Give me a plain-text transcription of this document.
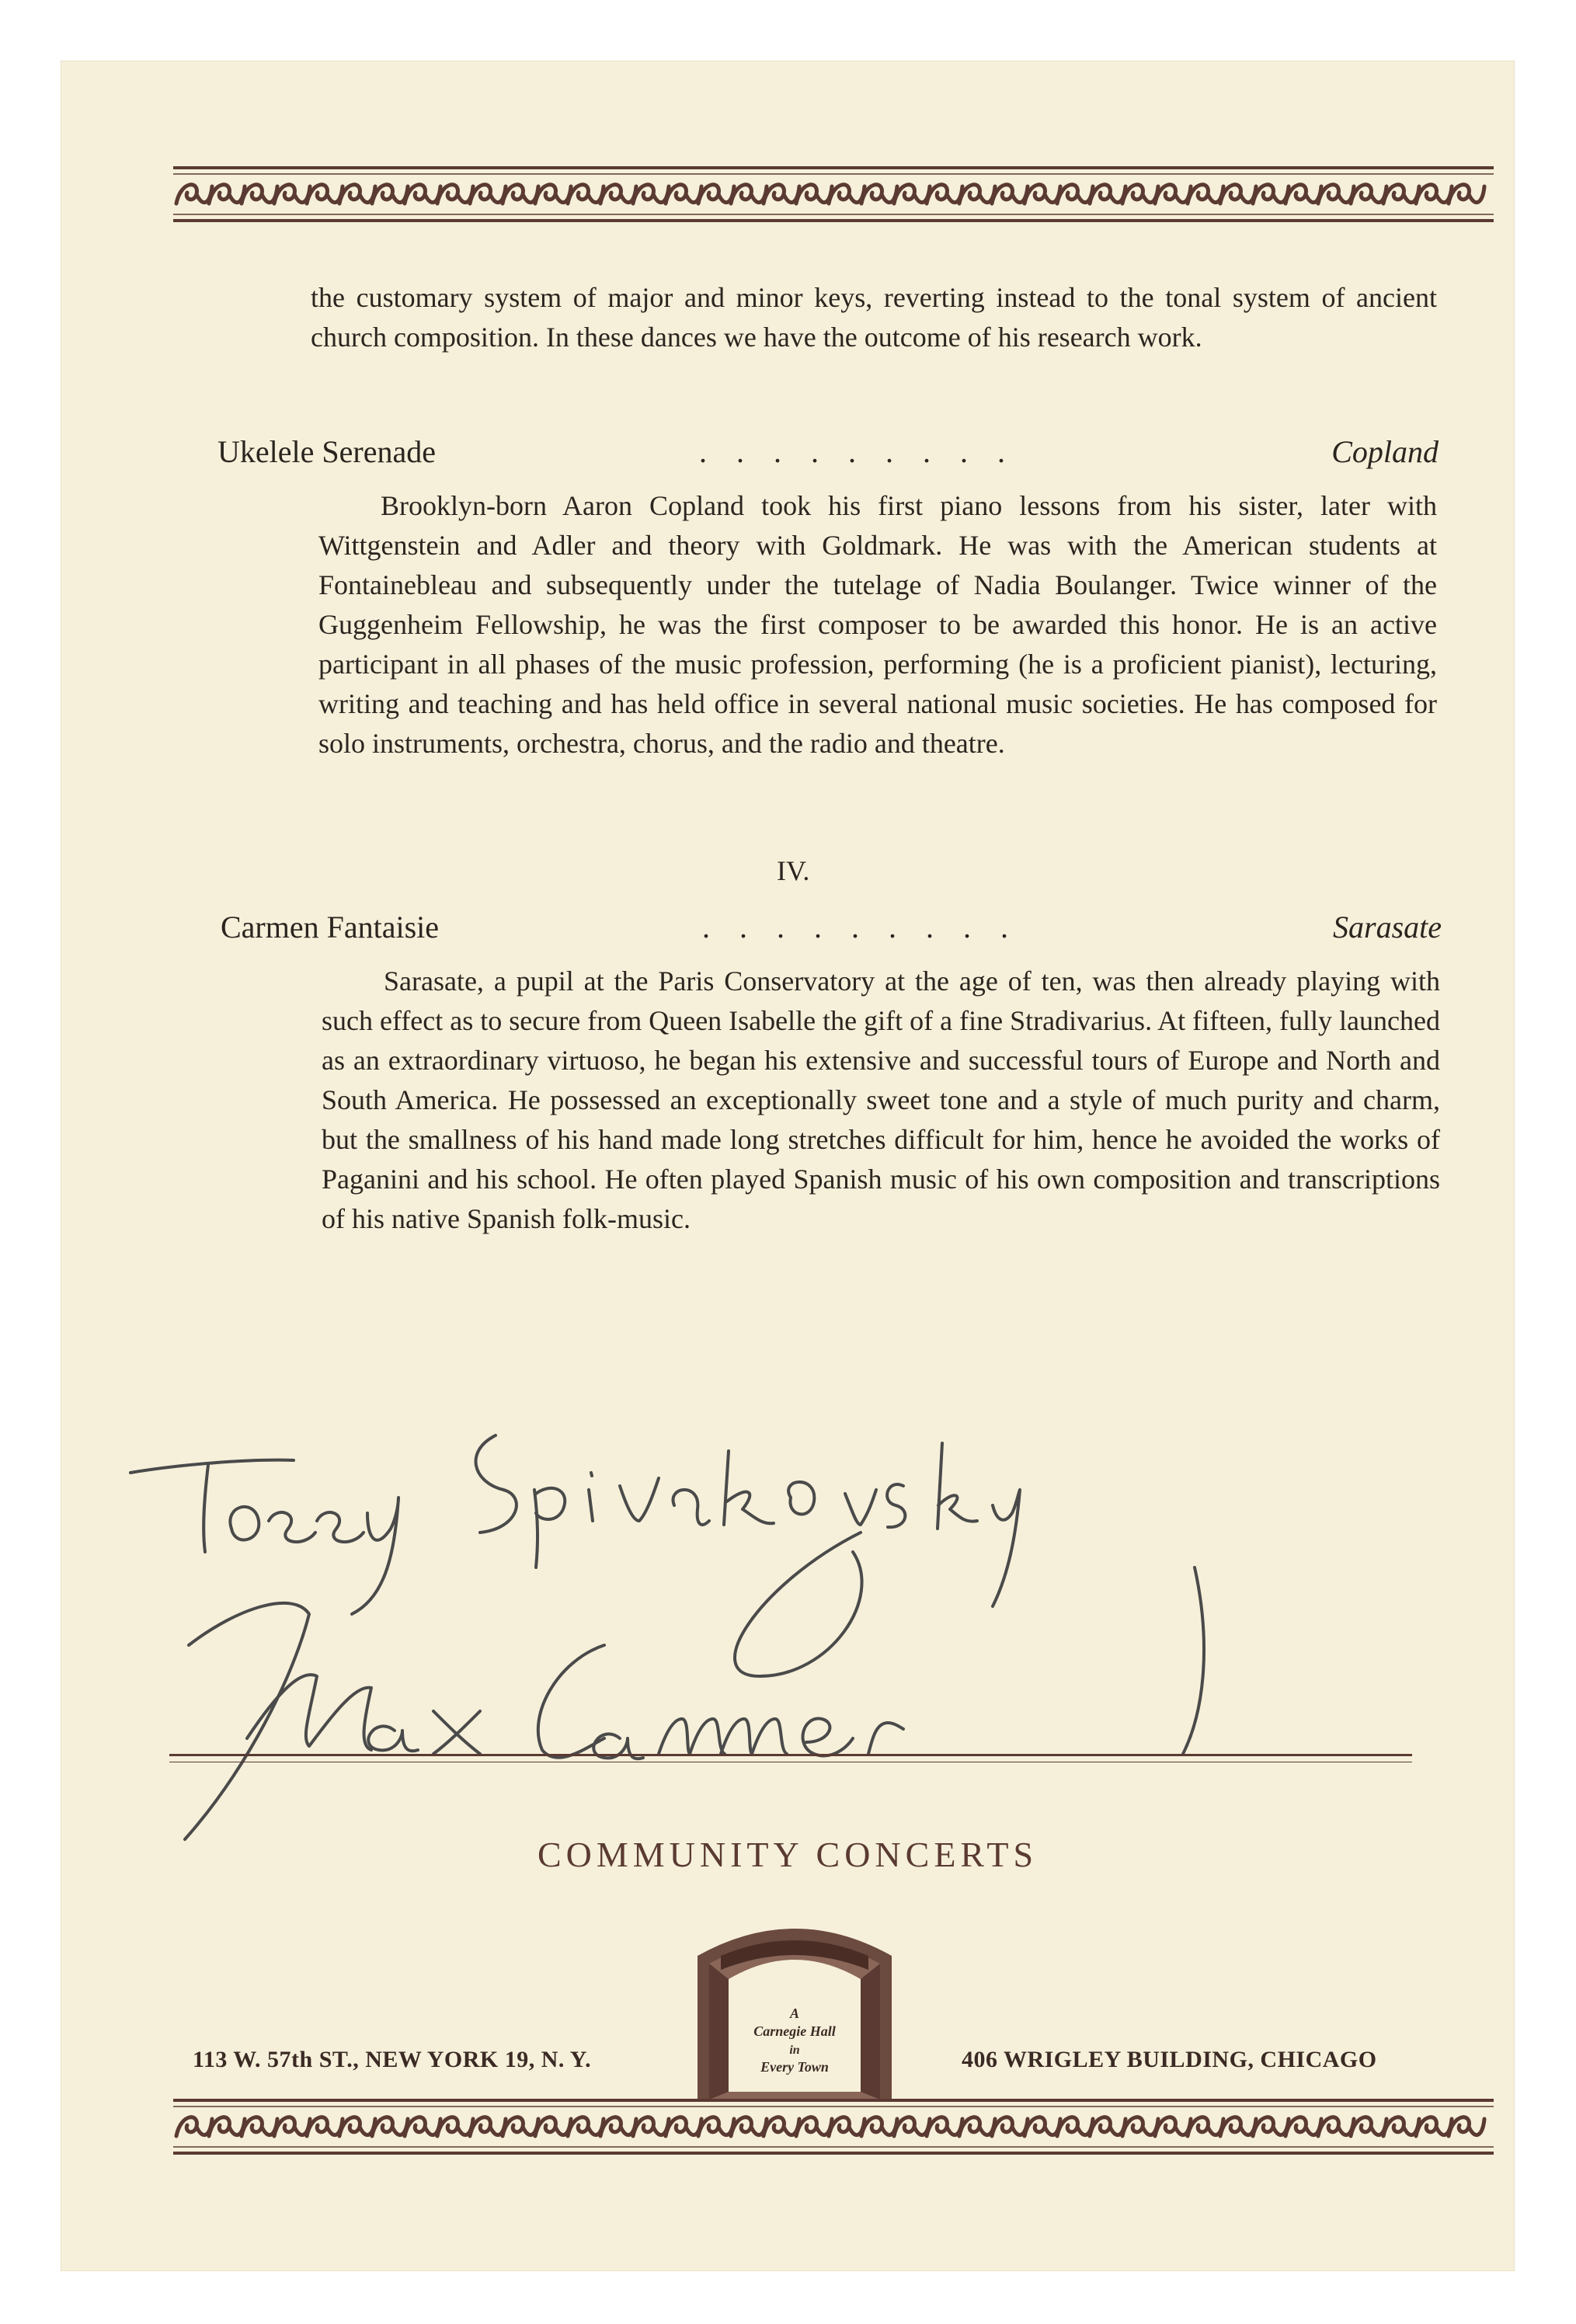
the customary system of major and minor keys, reverting instead to the tonal system of ancient church composition. In these dances we have the outcome of his research work.

Ukelele Serenade	. . . . . . . . .	Copland

Brooklyn-born Aaron Copland took his first piano lessons from his sister, later with Wittgenstein and Adler and theory with Goldmark. He was with the American students at Fontainebleau and subsequently under the tutelage of Nadia Boulanger. Twice winner of the Guggenheim Fellowship, he was the first composer to be awarded this honor. He is an active participant in all phases of the music profession, performing (he is a proficient pianist), lecturing, writing and teaching and has held office in several national music societies. He has composed for solo instruments, orchestra, chorus, and the radio and theatre.

IV.
Carmen Fantaisie	. . . . . . . . .	Sarasate

Sarasate, a pupil at the Paris Conservatory at the age of ten, was then already playing with such effect as to secure from Queen Isabelle the gift of a fine Stradivarius. At fifteen, fully launched as an extraordinary virtuoso, he began his extensive and successful tours of Europe and North and South America. He possessed an exceptionally sweet tone and a style of much purity and charm, but the smallness of his hand made long stretches difficult for him, hence he avoided the works of Paganini and his school. He often played Spanish music of his own composition and transcriptions of his native Spanish folk-music.

COMMUNITY CONCERTS
A
Carnegie Hall
in
Every Town
113 W. 57th ST., NEW YORK 19, N. Y.	406 WRIGLEY BUILDING, CHICAGO
